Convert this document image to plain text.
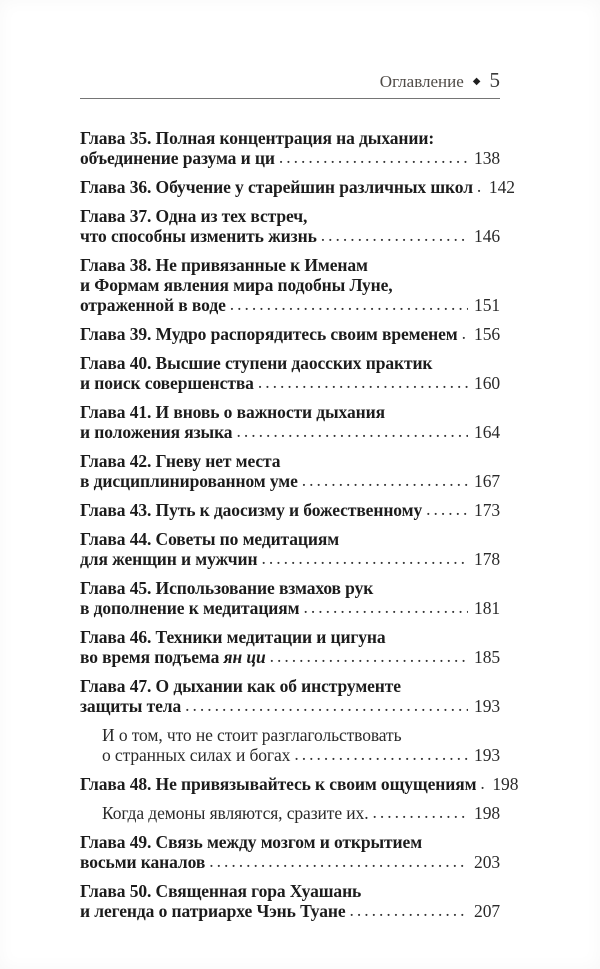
Оглавление ◆ 5
Глава 35. Полная концентрация на дыхании:
объединение разума и ци .....	138
Глава 36. Обучение у старейшин различных школ ..... 142
Глава 37. Одна из тех встреч,
что способны изменить жизнь .....	146
Глава 38. Не привязанные к Именам
и Формам явления мира подобны Луне,
отраженной в воде .....	151
Глава 39. Мудро распорядитесь своим временем ..... 156
Глава 40. Высшие ступени даосских практик
и поиск совершенства .....	160
Глава 41. И вновь о важности дыхания
и положения языка .....	164
Глава 42. Гневу нет места
в дисциплинированном уме .....	167
Глава 43. Путь к даосизму и божественному .....	173
Глава 44. Советы по медитациям
для женщин и мужчин .....	178
Глава 45. Использование взмахов рук
в дополнение к медитациям .....	181
Глава 46. Техники медитации и цигуна
во время подъема ян ци .....	185
Глава 47. О дыхании как об инструменте
защиты тела .....	193
И о том, что не стоит разглагольствовать
о странных силах и богах .....	193
Глава 48. Не привязывайтесь к своим ощущениям ..... 198
Когда демоны являются, сразите их. .....	198
Глава 49. Связь между мозгом и открытием
восьми каналов .....	203
Глава 50. Священная гора Хуашань
и легенда о патриархе Чэнь Туане .....	207
